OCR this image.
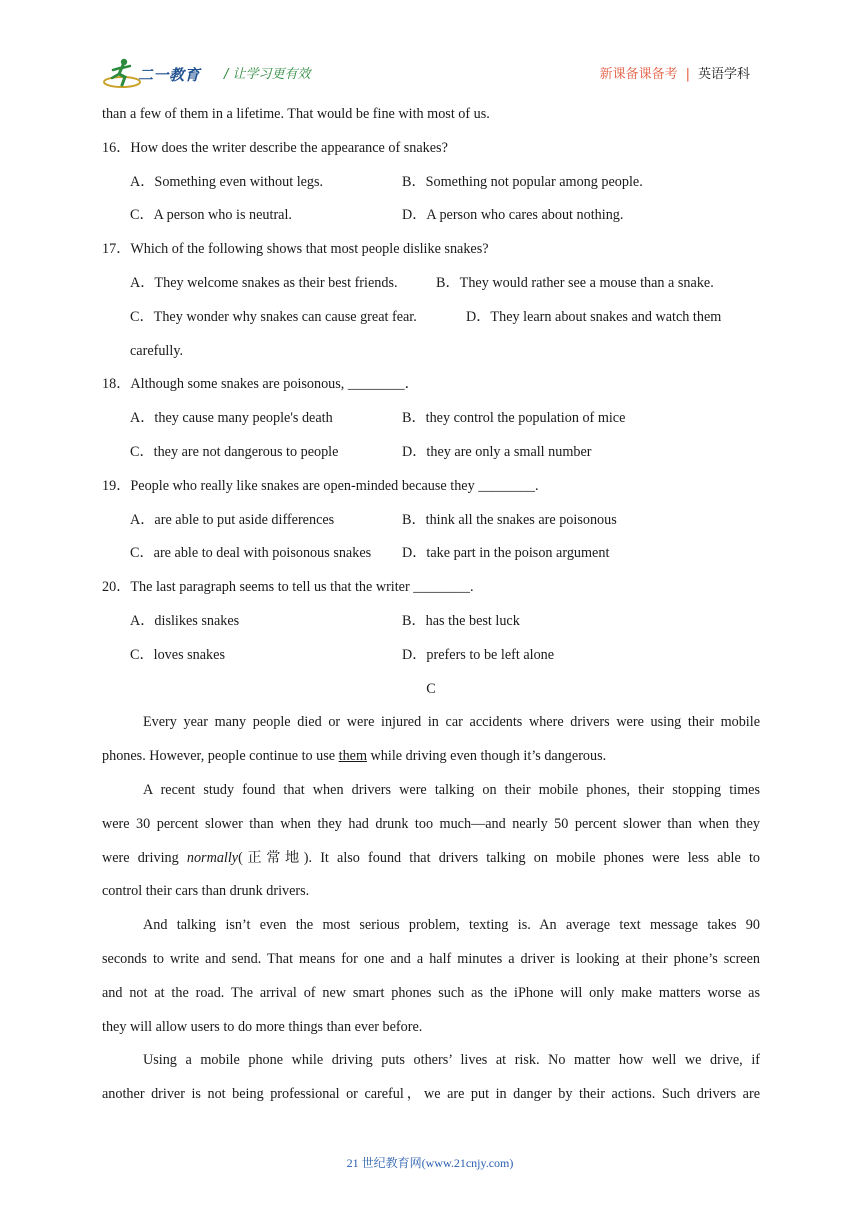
二一教育 / 让学习更有效	新课备课备考 | 英语学科
than a few of them in a lifetime. That would be fine with most of us.
16．How does the writer describe the appearance of snakes?
A．Something even without legs.	B．Something not popular among people.
C．A person who is neutral.	D．A person who cares about nothing.
17．Which of the following shows that most people dislike snakes?
A．They welcome snakes as their best friends.	B．They would rather see a mouse than a snake.
C．They wonder why snakes can cause great fear.	D．They learn about snakes and watch them
carefully.
18．Although some snakes are poisonous, ________．
A．they cause many people's death	B．they control the population of mice
C．they are not dangerous to people	D．they are only a small number
19．People who really like snakes are open-minded because they ________.
A．are able to put aside differences	B．think all the snakes are poisonous
C．are able to deal with poisonous snakes D．take part in the poison argument
20．The last paragraph seems to tell us that the writer ________.
A．dislikes snakes	B．has the best luck
C．loves snakes	D．prefers to be left alone
C
Every year many people died or were injured in car accidents where drivers were using their mobile
phones. However, people continue to use them while driving even though it’s dangerous.
A recent study found that when drivers were talking on their mobile phones, their stopping times
were 30 percent slower than when they had drunk too much—and nearly 50 percent slower than when they
were driving normally(正常地). It also found that drivers talking on mobile phones were less able to
control their cars than drunk drivers.
And talking isn’t even the most serious problem, texting is. An average text message takes 90
seconds to write and send. That means for one and a half minutes a driver is looking at their phone’s screen
and not at the road. The arrival of new smart phones such as the iPhone will only make matters worse as
they will allow users to do more things than ever before.
Using a mobile phone while driving puts others’ lives at risk. No matter how well we drive, if
another driver is not being professional or careful，we are put in danger by their actions. Such drivers are
21 世纪教育网(www.21cnjy.com)
